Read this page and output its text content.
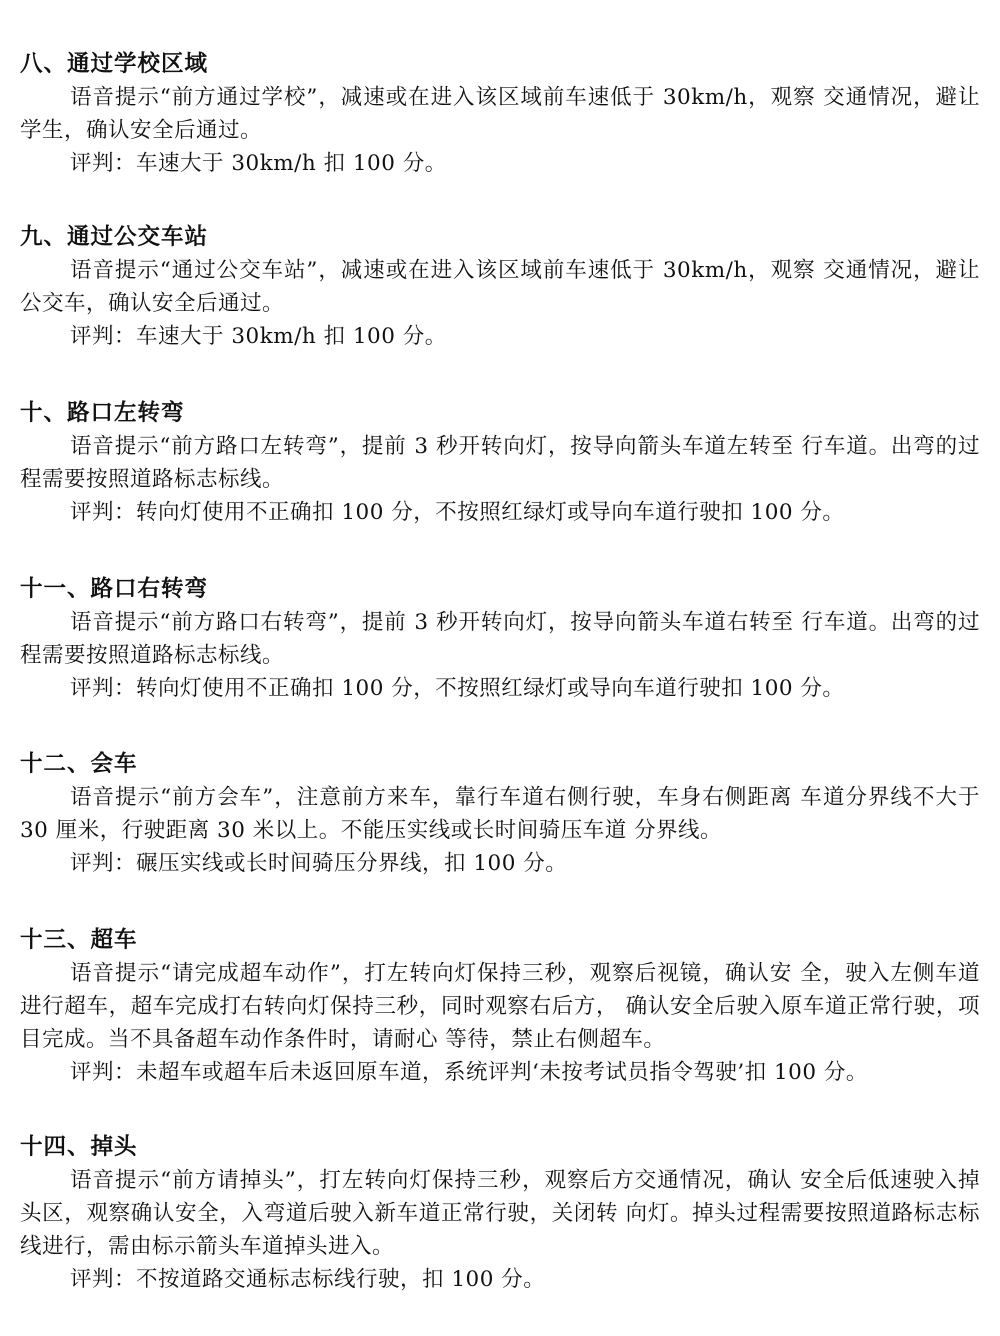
八、通过学校区域
语音提示“前方通过学校”，减速或在进入该区域前车速低于 30km/h，观察 交通情况，避让学生，确认安全后通过。
评判：车速大于 30km/h 扣 100 分。
九、通过公交车站
语音提示“通过公交车站”，减速或在进入该区域前车速低于 30km/h，观察 交通情况，避让公交车，确认安全后通过。
评判：车速大于 30km/h 扣 100 分。
十、路口左转弯
语音提示“前方路口左转弯”，提前 3 秒开转向灯，按导向箭头车道左转至 行车道。出弯的过程需要按照道路标志标线。
评判：转向灯使用不正确扣 100 分，不按照红绿灯或导向车道行驶扣 100 分。
十一、路口右转弯
语音提示“前方路口右转弯”，提前 3 秒开转向灯，按导向箭头车道右转至 行车道。出弯的过程需要按照道路标志标线。
评判：转向灯使用不正确扣 100 分，不按照红绿灯或导向车道行驶扣 100 分。
十二、会车
语音提示“前方会车”，注意前方来车，靠行车道右侧行驶，车身右侧距离 车道分界线不大于 30 厘米，行驶距离 30 米以上。不能压实线或长时间骑压车道 分界线。
评判：碾压实线或长时间骑压分界线，扣 100 分。
十三、超车
语音提示“请完成超车动作”，打左转向灯保持三秒，观察后视镜，确认安 全，驶入左侧车道进行超车，超车完成打右转向灯保持三秒，同时观察右后方， 确认安全后驶入原车道正常行驶，项目完成。当不具备超车动作条件时，请耐心 等待，禁止右侧超车。
评判：未超车或超车后未返回原车道，系统评判‘未按考试员指令驾驶’扣 100 分。
十四、掉头
语音提示“前方请掉头”，打左转向灯保持三秒，观察后方交通情况，确认 安全后低速驶入掉头区，观察确认安全，入弯道后驶入新车道正常行驶，关闭转 向灯。掉头过程需要按照道路标志标线进行，需由标示箭头车道掉头进入。
评判：不按道路交通标志标线行驶，扣 100 分。
